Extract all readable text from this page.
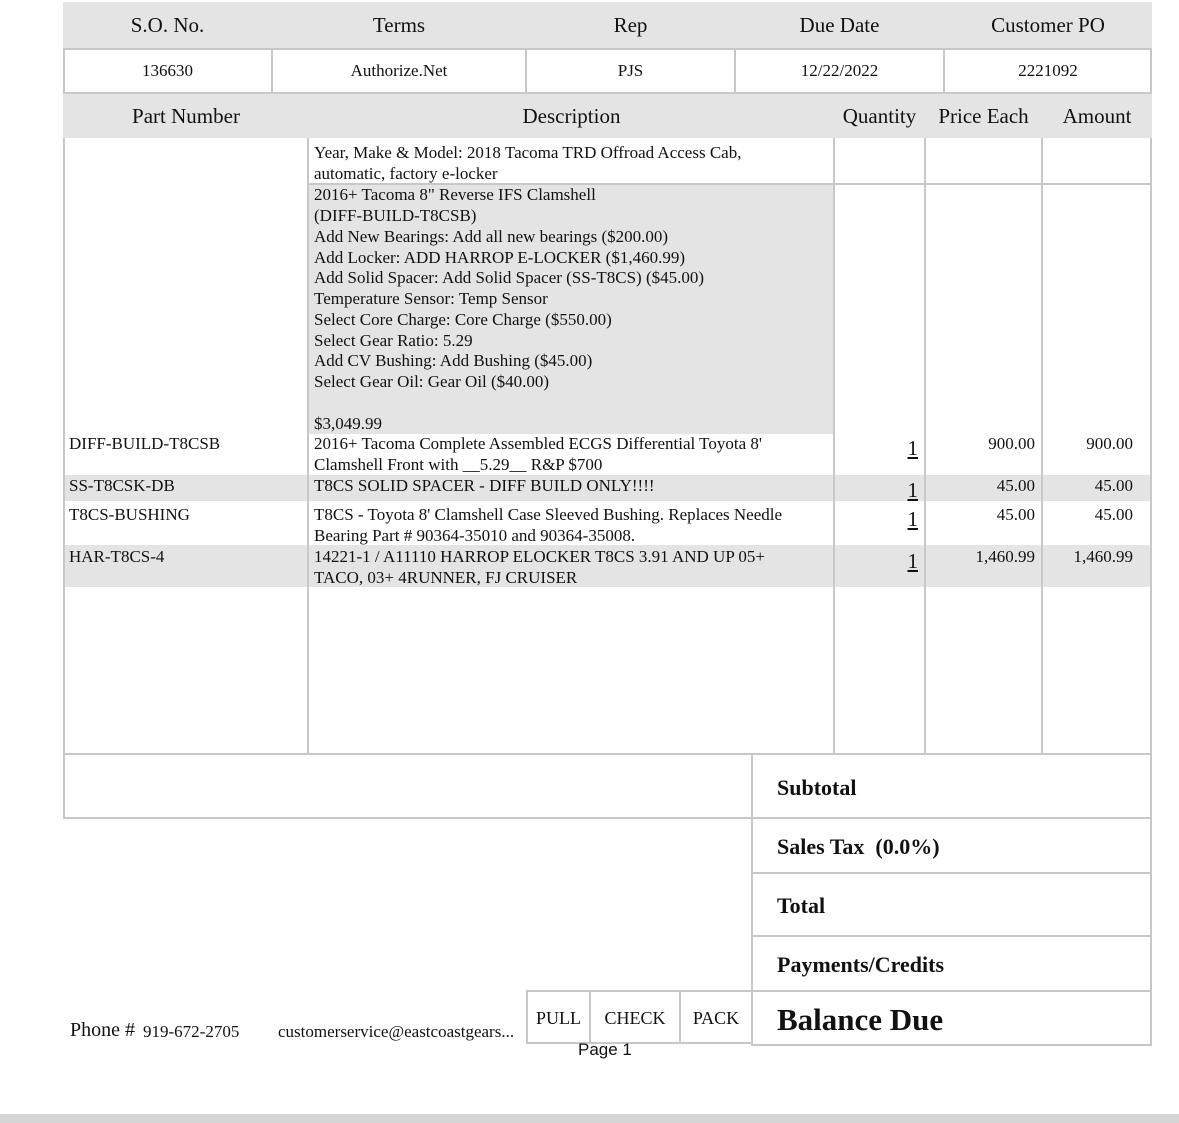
S.O. No.	Terms	Rep	Due Date	Customer PO
136630	Authorize.Net	PJS	12/22/2022	2221092
Part Number	Description	Quantity	Price Each	Amount
Year, Make & Model: 2018 Tacoma TRD Offroad Access Cab,
automatic, factory e-locker
2016+ Tacoma 8" Reverse IFS Clamshell
(DIFF-BUILD-T8CSB)
Add New Bearings: Add all new bearings ($200.00)
Add Locker: ADD HARROP E-LOCKER ($1,460.99)
Add Solid Spacer: Add Solid Spacer (SS-T8CS) ($45.00)
Temperature Sensor: Temp Sensor
Select Core Charge: Core Charge ($550.00)
Select Gear Ratio: 5.29
Add CV Bushing: Add Bushing ($45.00)
Select Gear Oil: Gear Oil ($40.00)
$3,049.99
DIFF-BUILD-T8CSB	2016+ Tacoma Complete Assembled ECGS Differential Toyota 8'
Clamshell Front with __5.29__ R&P $700
1	900.00	900.00
SS-T8CSK-DB	T8CS SOLID SPACER - DIFF BUILD ONLY!!!!	1	45.00	45.00
T8CS-BUSHING	T8CS - Toyota 8' Clamshell Case Sleeved Bushing. Replaces Needle
Bearing Part # 90364-35010 and 90364-35008.
1	45.00	45.00
HAR-T8CS-4	14221-1 / A11110 HARROP ELOCKER T8CS 3.91 AND UP 05+
TACO, 03+ 4RUNNER, FJ CRUISER
1	1,460.99	1,460.99
Subtotal
Sales Tax  (0.0%)
Total
Payments/Credits
Balance Due
Phone # 919-672-2705 customerservice@eastcoastgears...
PULL	CHECK	PACK
Page 1
